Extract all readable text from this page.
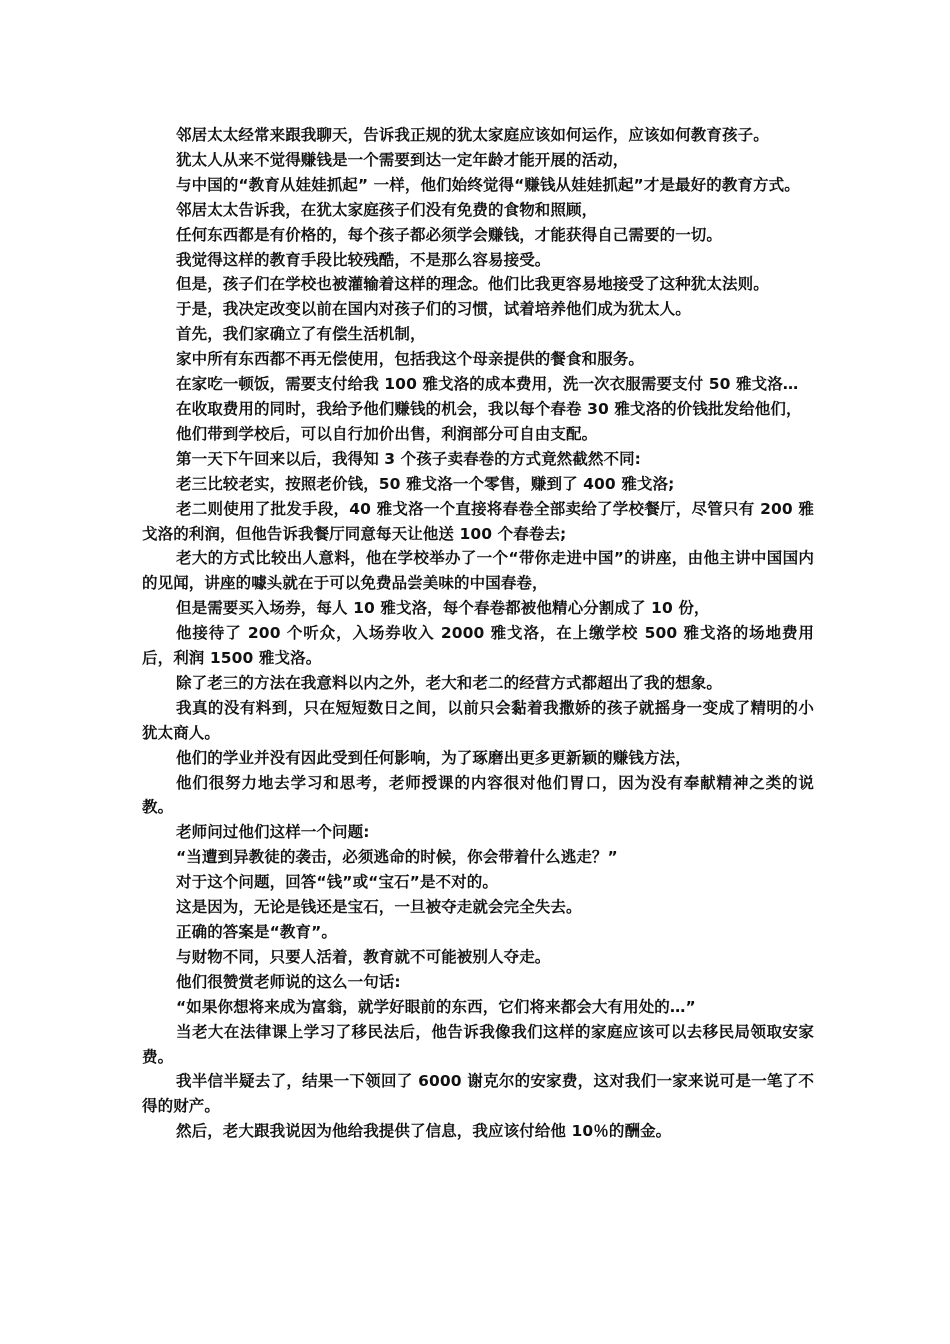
邻居太太经常来跟我聊天，告诉我正规的犹太家庭应该如何运作，应该如何教育孩子。

犹太人从来不觉得赚钱是一个需要到达一定年龄才能开展的活动，

与中国的“教育从娃娃抓起” 一样，他们始终觉得“赚钱从娃娃抓起”才是最好的教育方式。

邻居太太告诉我，在犹太家庭孩子们没有免费的食物和照顾，

任何东西都是有价格的，每个孩子都必须学会赚钱，才能获得自己需要的一切。

我觉得这样的教育手段比较残酷，不是那么容易接受。

但是，孩子们在学校也被灌输着这样的理念。他们比我更容易地接受了这种犹太法则。

于是，我决定改变以前在国内对孩子们的习惯，试着培养他们成为犹太人。

首先，我们家确立了有偿生活机制，

家中所有东西都不再无偿使用，包括我这个母亲提供的餐食和服务。

在家吃一顿饭，需要支付给我 100 雅戈洛的成本费用，洗一次衣服需要支付 50 雅戈洛…

在收取费用的同时，我给予他们赚钱的机会，我以每个春卷 30 雅戈洛的价钱批发给他们，

他们带到学校后，可以自行加价出售，利润部分可自由支配。

第一天下午回来以后，我得知 3 个孩子卖春卷的方式竟然截然不同:

老三比较老实，按照老价钱，50 雅戈洛一个零售，赚到了 400 雅戈洛;

老二则使用了批发手段，40 雅戈洛一个直接将春卷全部卖给了学校餐厅，尽管只有 200 雅戈洛的利润，但他告诉我餐厅同意每天让他送 100 个春卷去;

老大的方式比较出人意料，他在学校举办了一个“带你走进中国”的讲座，由他主讲中国国内的见闻，讲座的噱头就在于可以免费品尝美味的中国春卷，

但是需要买入场券，每人 10 雅戈洛，每个春卷都被他精心分割成了 10 份，

他接待了 200 个听众，入场券收入 2000 雅戈洛，在上缴学校 500 雅戈洛的场地费用后，利润 1500 雅戈洛。

除了老三的方法在我意料以内之外，老大和老二的经营方式都超出了我的想象。

我真的没有料到，只在短短数日之间，以前只会黏着我撒娇的孩子就摇身一变成了精明的小犹太商人。

他们的学业并没有因此受到任何影响，为了琢磨出更多更新颖的赚钱方法，

他们很努力地去学习和思考，老师授课的内容很对他们胃口，因为没有奉献精神之类的说教。

老师问过他们这样一个问题:

“当遭到异教徒的袭击，必须逃命的时候，你会带着什么逃走？”

对于这个问题，回答“钱”或“宝石”是不对的。

这是因为，无论是钱还是宝石，一旦被夺走就会完全失去。

正确的答案是“教育”。

与财物不同，只要人活着，教育就不可能被别人夺走。

他们很赞赏老师说的这么一句话:

“如果你想将来成为富翁，就学好眼前的东西，它们将来都会大有用处的…”

当老大在法律课上学习了移民法后，他告诉我像我们这样的家庭应该可以去移民局领取安家费。

我半信半疑去了，结果一下领回了 6000 谢克尔的安家费，这对我们一家来说可是一笔了不得的财产。

然后，老大跟我说因为他给我提供了信息，我应该付给他 10％的酬金。
